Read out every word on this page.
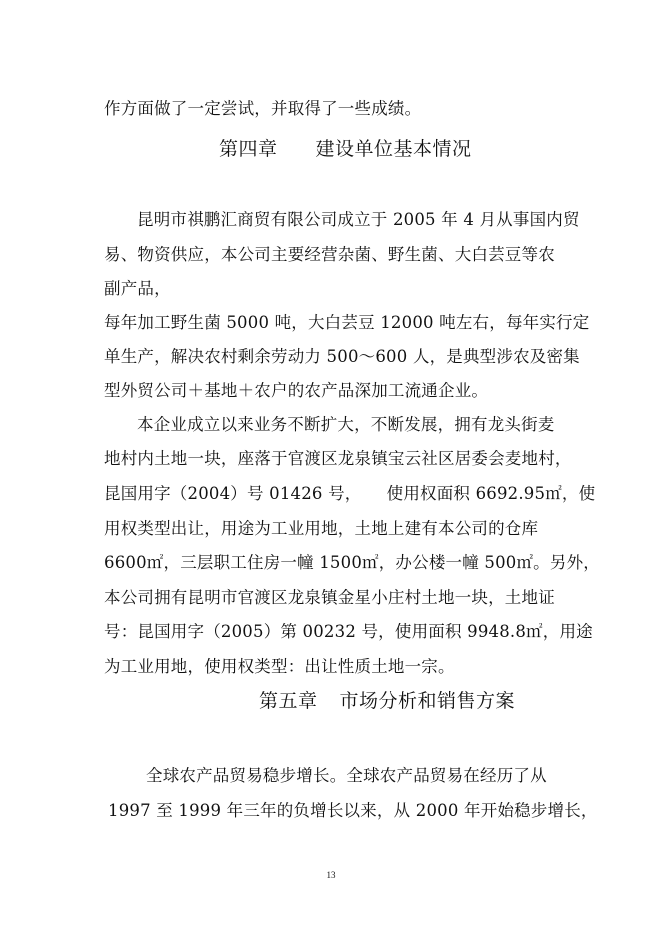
作方面做了一定尝试，并取得了一些成绩。

第四章 建设单位基本情况

昆明市祺鹏汇商贸有限公司成立于 2005 年 4 月从事国内贸

易、物资供应，本公司主要经营杂菌、野生菌、大白芸豆等农

副产品，

每年加工野生菌 5000 吨，大白芸豆 12000 吨左右，每年实行定

单生产，解决农村剩余劳动力 500～600 人，是典型涉农及密集

型外贸公司＋基地＋农户的农产品深加工流通企业。

本企业成立以来业务不断扩大，不断发展，拥有龙头街麦

地村内土地一块，座落于官渡区龙泉镇宝云社区居委会麦地村，

昆国用字（2004）号 01426 号，　　使用权面积 6692.95㎡，使

用权类型出让，用途为工业用地，土地上建有本公司的仓库

6600㎡，三层职工住房一幢 1500㎡，办公楼一幢 500㎡。另外，

本公司拥有昆明市官渡区龙泉镇金星小庄村土地一块，土地证

号：昆国用字（2005）第 00232 号，使用面积 9948.8㎡，用途

为工业用地，使用权类型：出让性质土地一宗。

第五章 市场分析和销售方案

全球农产品贸易稳步增长。全球农产品贸易在经历了从

1997 至 1999 年三年的负增长以来，从 2000 年开始稳步增长，

13
